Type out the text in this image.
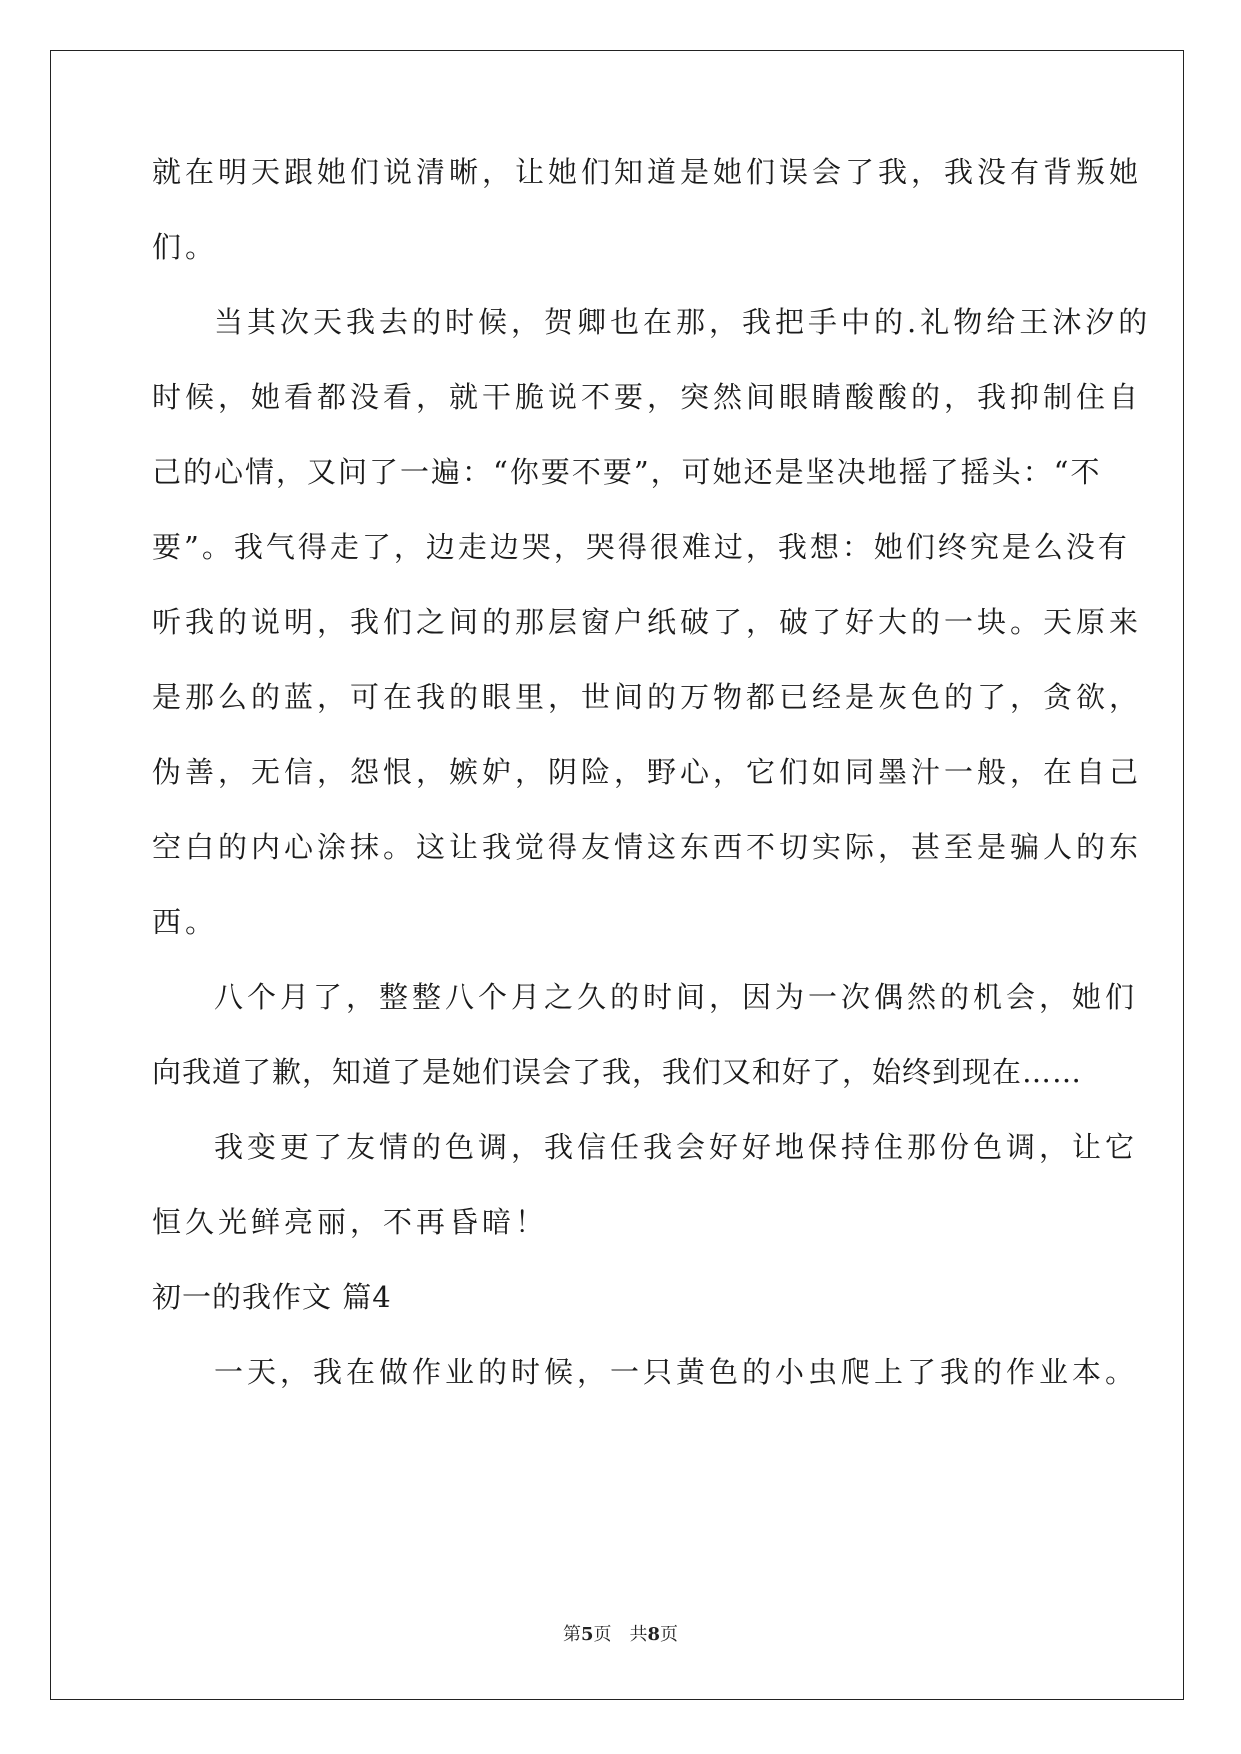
就在明天跟她们说清晰，让她们知道是她们误会了我，我没有背叛她
们。
当其次天我去的时候，贺卿也在那，我把手中的.礼物给王沐汐的
时候，她看都没看，就干脆说不要，突然间眼睛酸酸的，我抑制住自
己的心情，又问了一遍：“你要不要”，可她还是坚决地摇了摇头：“不
要”。我气得走了，边走边哭，哭得很难过，我想：她们终究是么没有
听我的说明，我们之间的那层窗户纸破了，破了好大的一块。天原来
是那么的蓝，可在我的眼里，世间的万物都已经是灰色的了，贪欲，
伪善，无信，怨恨，嫉妒，阴险，野心，它们如同墨汁一般，在自己
空白的内心涂抹。这让我觉得友情这东西不切实际，甚至是骗人的东
西。
八个月了，整整八个月之久的时间，因为一次偶然的机会，她们
向我道了歉，知道了是她们误会了我，我们又和好了，始终到现在……
我变更了友情的色调，我信任我会好好地保持住那份色调，让它
恒久光鲜亮丽，不再昏暗！
初一的我作文 篇4
一天，我在做作业的时候，一只黄色的小虫爬上了我的作业本。
第5页　共8页
